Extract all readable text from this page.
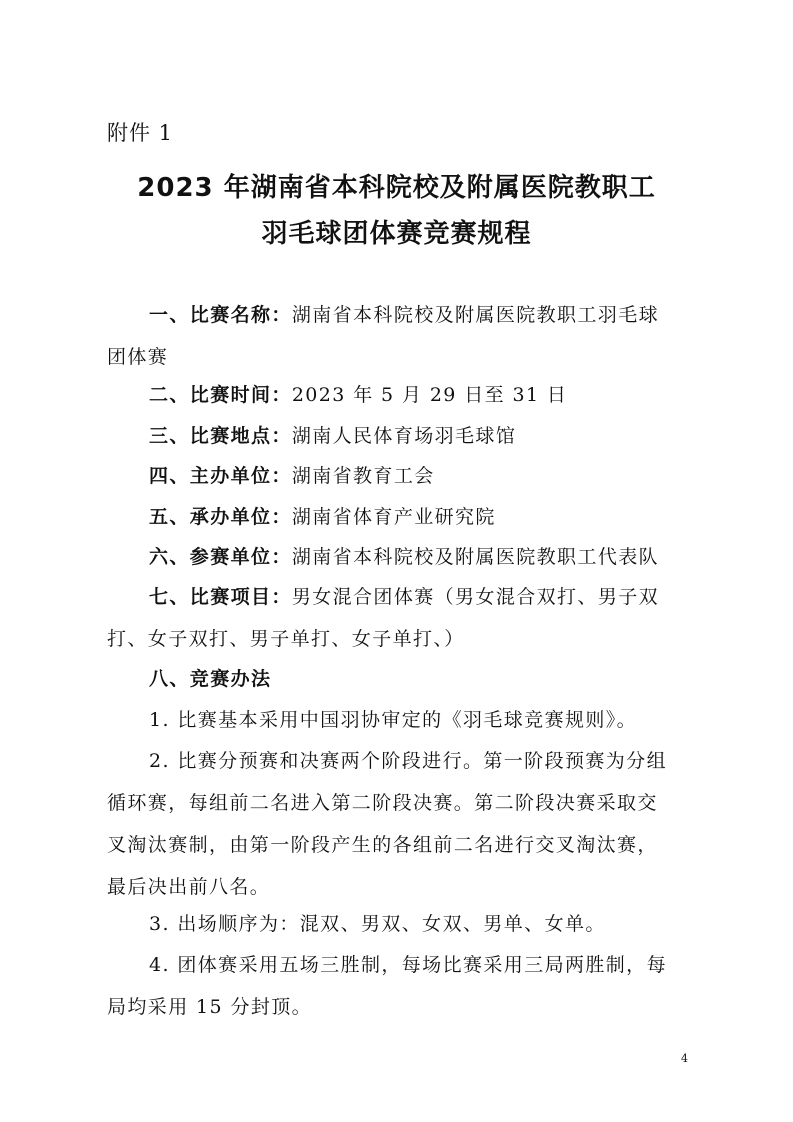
附件 1
2023 年湖南省本科院校及附属医院教职工
羽毛球团体赛竞赛规程
一、比赛名称：湖南省本科院校及附属医院教职工羽毛球
团体赛
二、比赛时间：2023 年 5 月 29 日至 31 日
三、比赛地点：湖南人民体育场羽毛球馆
四、主办单位：湖南省教育工会
五、承办单位：湖南省体育产业研究院
六、参赛单位：湖南省本科院校及附属医院教职工代表队
七、比赛项目：男女混合团体赛（男女混合双打、男子双
打、女子双打、男子单打、女子单打、）
八、竞赛办法
1. 比赛基本采用中国羽协审定的《羽毛球竞赛规则》。
2. 比赛分预赛和决赛两个阶段进行。第一阶段预赛为分组
循环赛，每组前二名进入第二阶段决赛。第二阶段决赛采取交
叉淘汰赛制，由第一阶段产生的各组前二名进行交叉淘汰赛，
最后决出前八名。
3. 出场顺序为：混双、男双、女双、男单、女单。
4. 团体赛采用五场三胜制，每场比赛采用三局两胜制，每
局均采用 15 分封顶。
4
